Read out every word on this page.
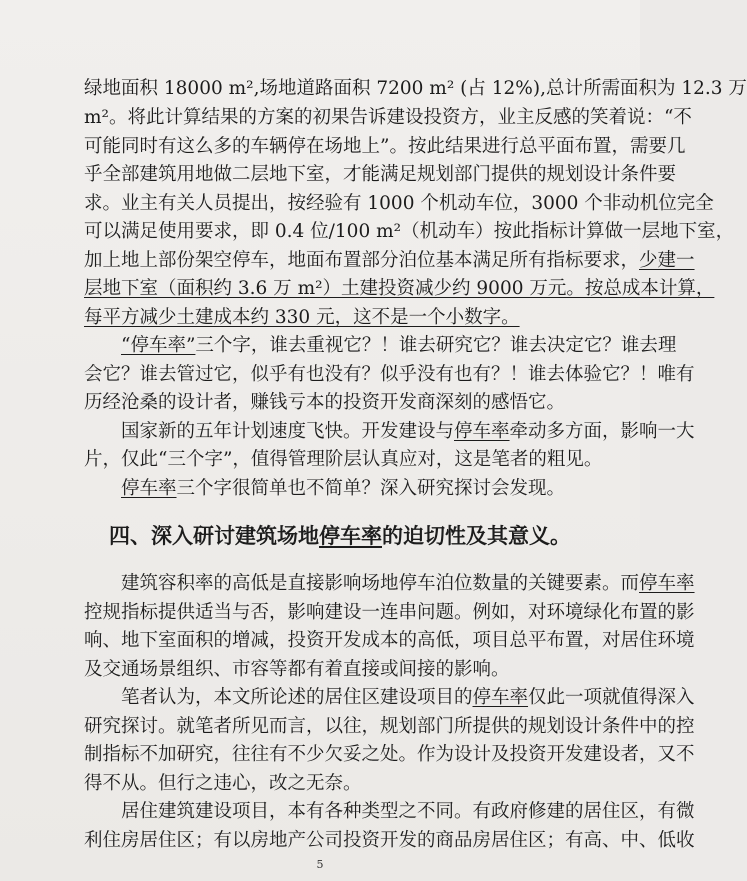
绿地面积 18000 m²,场地道路面积 7200 m² (占 12%),总计所需面积为 12.3 万
m²。将此计算结果的方案的初果告诉建设投资方，业主反感的笑着说：“不
可能同时有这么多的车辆停在场地上”。按此结果进行总平面布置，需要几
乎全部建筑用地做二层地下室，才能满足规划部门提供的规划设计条件要
求。业主有关人员提出，按经验有 1000 个机动车位，3000 个非动机位完全
可以满足使用要求，即 0.4 位/100 m²（机动车）按此指标计算做一层地下室，
加上地上部份架空停车，地面布置部分泊位基本满足所有指标要求，少建一
层地下室（面积约 3.6 万 m²）土建投资减少约 9000 万元。按总成本计算，
每平方减少土建成本约 330 元，这不是一个小数字。
“停车率”三个字，谁去重视它？！谁去研究它？谁去决定它？谁去理
会它？谁去管过它，似乎有也没有？似乎没有也有？！谁去体验它？！唯有
历经沧桑的设计者，赚钱亏本的投资开发商深刻的感悟它。
国家新的五年计划速度飞快。开发建设与停车率牵动多方面，影响一大
片，仅此“三个字”，值得管理阶层认真应对，这是笔者的粗见。
停车率三个字很简单也不简单？深入研究探讨会发现。
四、深入研讨建筑场地停车率的迫切性及其意义。
建筑容积率的高低是直接影响场地停车泊位数量的关键要素。而停车率
控规指标提供适当与否，影响建设一连串问题。例如，对环境绿化布置的影
响、地下室面积的增减，投资开发成本的高低，项目总平布置，对居住环境
及交通场景组织、市容等都有着直接或间接的影响。
笔者认为，本文所论述的居住区建设项目的停车率仅此一项就值得深入
研究探讨。就笔者所见而言，以往，规划部门所提供的规划设计条件中的控
制指标不加研究，往往有不少欠妥之处。作为设计及投资开发建设者，又不
得不从。但行之违心，改之无奈。
居住建筑建设项目，本有各种类型之不同。有政府修建的居住区，有微
利住房居住区；有以房地产公司投资开发的商品房居住区；有高、中、低收
5
